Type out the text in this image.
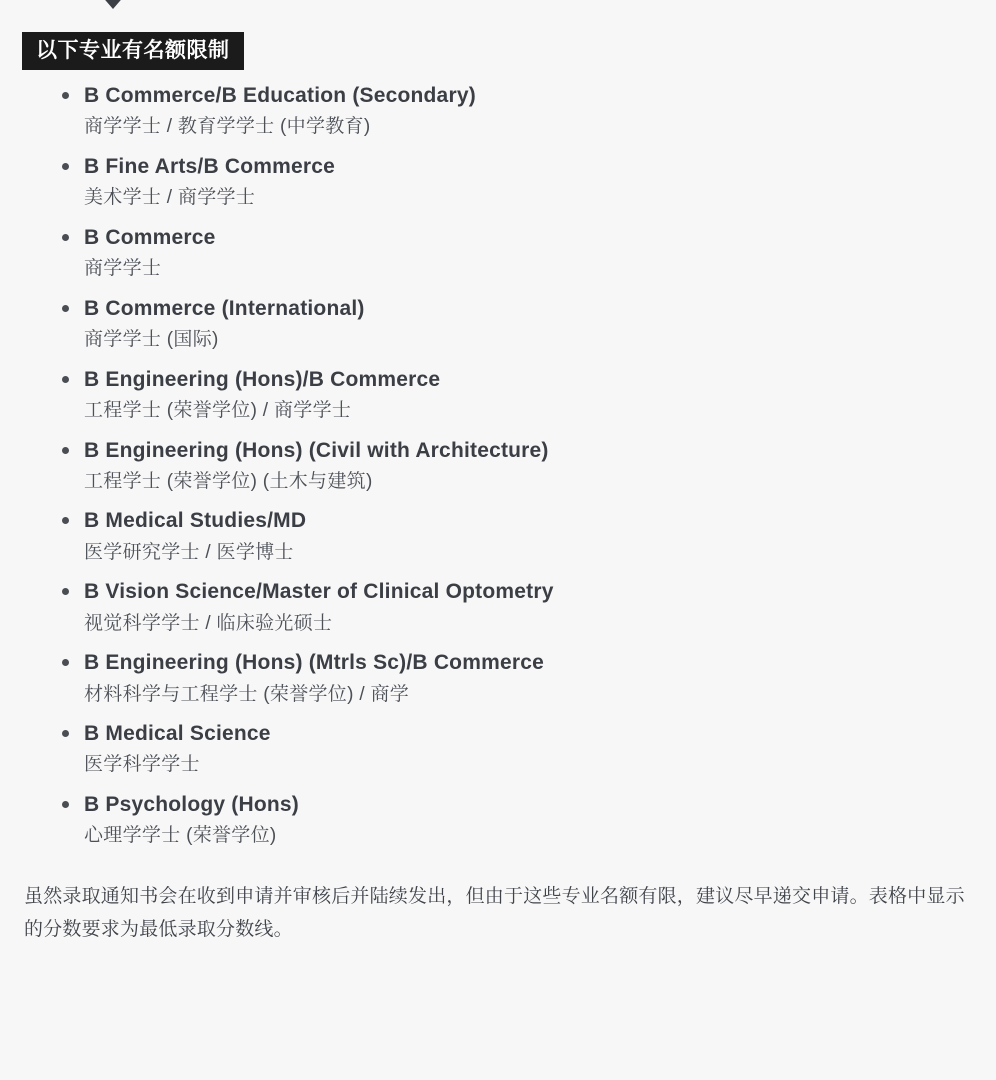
以下专业有名额限制
B Commerce/B Education (Secondary)
商学学士 / 教育学学士 (中学教育)
B Fine Arts/B Commerce
美术学士 / 商学学士
B Commerce
商学学士
B Commerce (International)
商学学士 (国际)
B Engineering (Hons)/B Commerce
工程学士 (荣誉学位) / 商学学士
B Engineering (Hons) (Civil with Architecture)
工程学士 (荣誉学位) (土木与建筑)
B Medical Studies/MD
医学研究学士 / 医学博士
B Vision Science/Master of Clinical Optometry
视觉科学学士 / 临床验光硕士
B Engineering (Hons) (Mtrls Sc)/B Commerce
材料科学与工程学士 (荣誉学位) / 商学
B Medical Science
医学科学学士
B Psychology (Hons)
心理学学士 (荣誉学位)

虽然录取通知书会在收到申请并审核后并陆续发出，但由于这些专业名额有限，建议尽早递交申请。表格中显示的分数要求为最低录取分数线。
